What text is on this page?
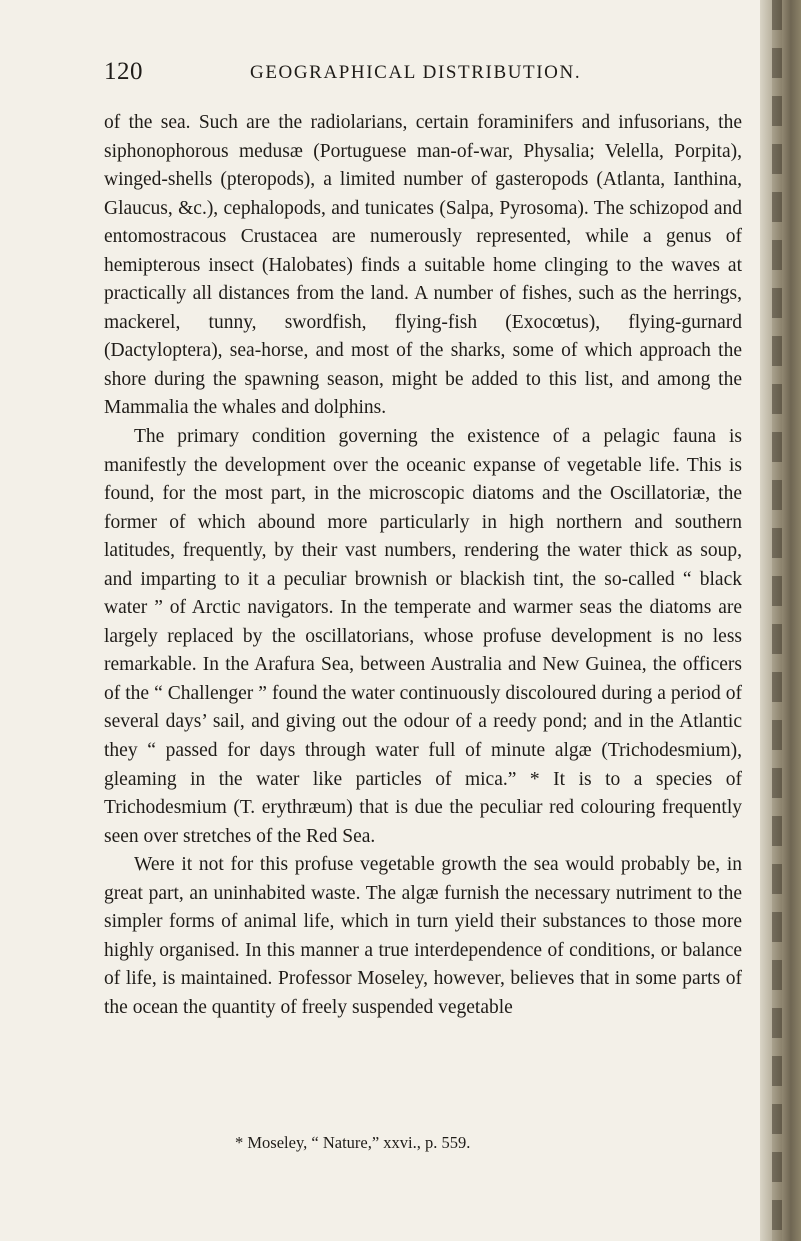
120	GEOGRAPHICAL DISTRIBUTION.

of the sea. Such are the radiolarians, certain foraminifers and infusorians, the siphonophorous medusæ (Portuguese man-of-war, Physalia; Velella, Porpita), winged-shells (pteropods), a limited number of gasteropods (Atlanta, Ianthina, Glaucus, &c.), cephalopods, and tunicates (Salpa, Pyrosoma). The schizopod and entomostracous Crustacea are numerously represented, while a genus of hemipterous insect (Halobates) finds a suitable home clinging to the waves at practically all distances from the land. A number of fishes, such as the herrings, mackerel, tunny, swordfish, flying-fish (Exocœtus), flying-gurnard (Dactyloptera), sea-horse, and most of the sharks, some of which approach the shore during the spawning season, might be added to this list, and among the Mammalia the whales and dolphins.

The primary condition governing the existence of a pelagic fauna is manifestly the development over the oceanic expanse of vegetable life. This is found, for the most part, in the microscopic diatoms and the Oscillatoriæ, the former of which abound more particularly in high northern and southern latitudes, frequently, by their vast numbers, rendering the water thick as soup, and imparting to it a peculiar brownish or blackish tint, the so-called “ black water ” of Arctic navigators. In the temperate and warmer seas the diatoms are largely replaced by the oscillatorians, whose profuse development is no less remarkable. In the Arafura Sea, between Australia and New Guinea, the officers of the “ Challenger ” found the water continuously discoloured during a period of several days’ sail, and giving out the odour of a reedy pond; and in the Atlantic they “ passed for days through water full of minute algæ (Trichodesmium), gleaming in the water like particles of mica.” * It is to a species of Trichodesmium (T. erythræum) that is due the peculiar red colouring frequently seen over stretches of the Red Sea.

Were it not for this profuse vegetable growth the sea would probably be, in great part, an uninhabited waste. The algæ furnish the necessary nutriment to the simpler forms of animal life, which in turn yield their substances to those more highly organised. In this manner a true interdependence of conditions, or balance of life, is maintained. Professor Moseley, however, believes that in some parts of the ocean the quantity of freely suspended vegetable

* Moseley, “ Nature,” xxvi., p. 559.
